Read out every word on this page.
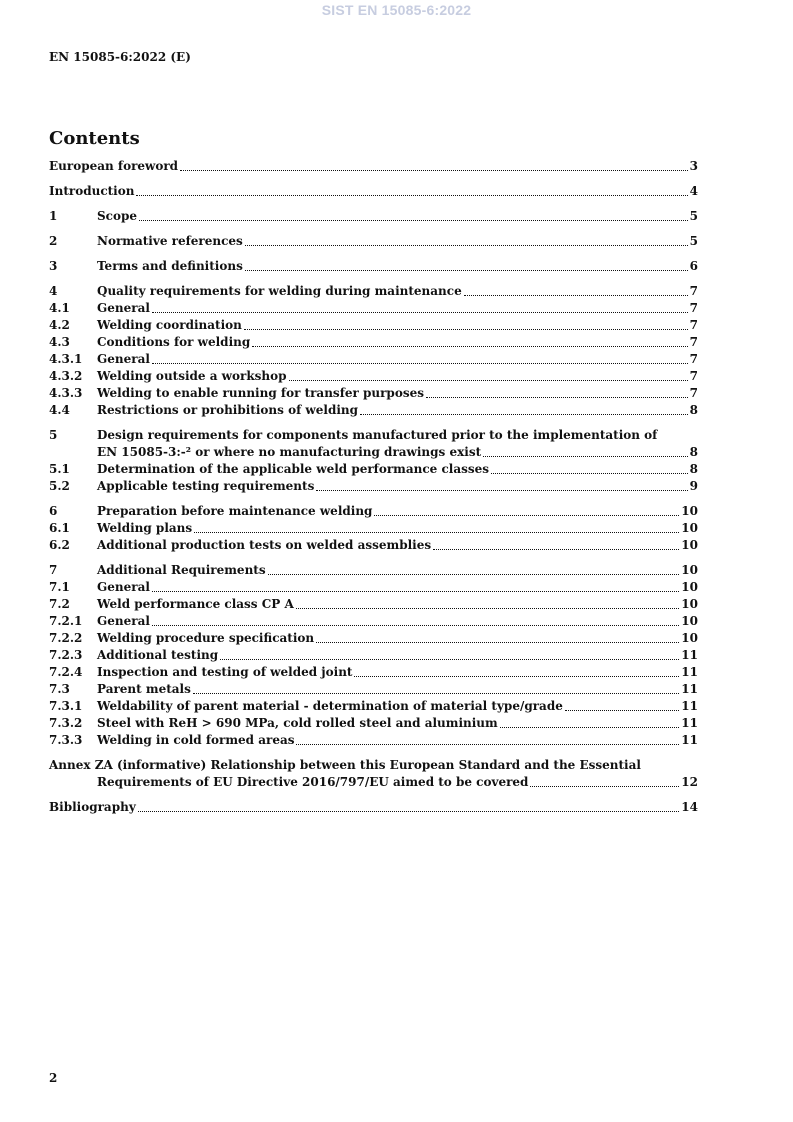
SIST EN 15085-6:2022
EN 15085-6:2022 (E)
Contents
European foreword	3
Introduction	4
1	Scope	5
2	Normative references	5
3	Terms and definitions	6
4	Quality requirements for welding during maintenance	7
4.1	General	7
4.2	Welding coordination	7
4.3	Conditions for welding	7
4.3.1	General	7
4.3.2	Welding outside a workshop	7
4.3.3	Welding to enable running for transfer purposes	7
4.4	Restrictions or prohibitions of welding	8
5	Design requirements for components manufactured prior to the implementation of
EN 15085-3:-² or where no manufacturing drawings exist	8
5.1	Determination of the applicable weld performance classes	8
5.2	Applicable testing requirements	9
6	Preparation before maintenance welding	10
6.1	Welding plans	10
6.2	Additional production tests on welded assemblies	10
7	Additional Requirements	10
7.1	General	10
7.2	Weld performance class CP A	10
7.2.1	General	10
7.2.2	Welding procedure specification	10
7.2.3	Additional testing	11
7.2.4	Inspection and testing of welded joint	11
7.3	Parent metals	11
7.3.1	Weldability of parent material - determination of material type/grade	11
7.3.2	Steel with ReH > 690 MPa, cold rolled steel and aluminium	11
7.3.3	Welding in cold formed areas	11
Annex ZA (informative) Relationship between this European Standard and the Essential
Requirements of EU Directive 2016/797/EU aimed to be covered	12
Bibliography	14
2
